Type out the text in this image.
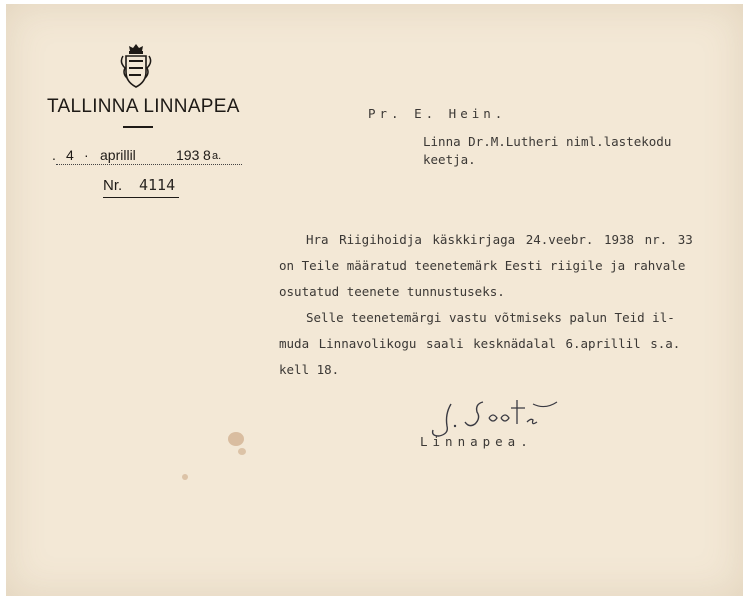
TALLINNA LINNAPEA
. 4 · aprillil	193 8 a.
Nr. 4114
Pr. E. Hein.
Linna Dr.M.Lutheri niml.lastekodu
keetja.
Hra Riigihoidja käskkirjaga 24.veebr. 1938 nr. 33
on Teile määratud teenetemärk Eesti riigile ja rahvale
osutatud teenete tunnustuseks.
Selle teenetemärgi vastu võtmiseks palun Teid il-
muda Linnavolikogu saali kesknädalal 6.aprillil s.a.
kell 18.
Linnapea.
